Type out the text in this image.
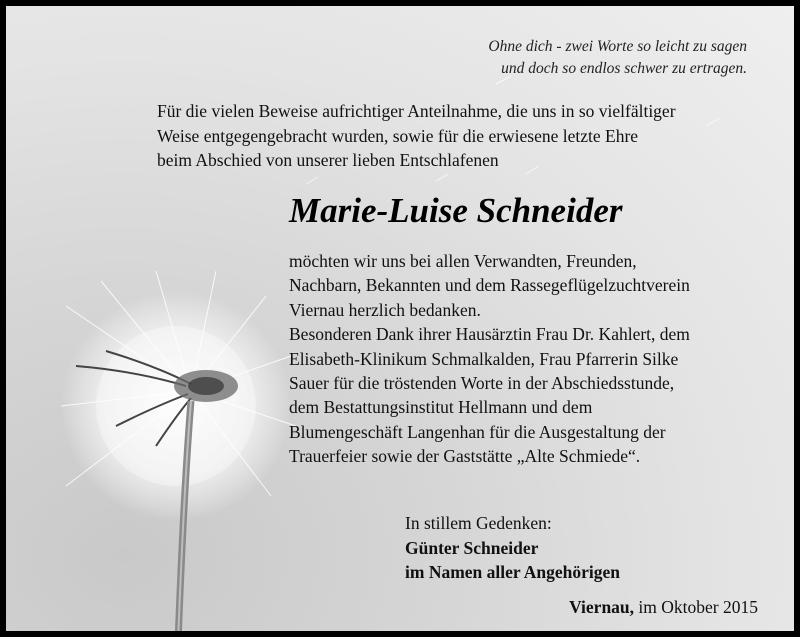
Ohne dich - zwei Worte so leicht zu sagen
und doch so endlos schwer zu ertragen.
Für die vielen Beweise aufrichtiger Anteilnahme, die uns in so vielfältiger
Weise entgegengebracht wurden, sowie für die erwiesene letzte Ehre
beim Abschied von unserer lieben Entschlafenen
Marie-Luise Schneider
möchten wir uns bei allen Verwandten, Freunden,
Nachbarn, Bekannten und dem Rassegeflügelzuchtverein
Viernau herzlich bedanken.
Besonderen Dank ihrer Hausärztin Frau Dr. Kahlert, dem
Elisabeth-Klinikum Schmalkalden, Frau Pfarrerin Silke
Sauer für die tröstenden Worte in der Abschiedsstunde,
dem Bestattungsinstitut Hellmann und dem
Blumengeschäft Langenhan für die Ausgestaltung der
Trauerfeier sowie der Gaststätte „Alte Schmiede“.
In stillem Gedenken:
Günter Schneider
im Namen aller Angehörigen
Viernau, im Oktober 2015
